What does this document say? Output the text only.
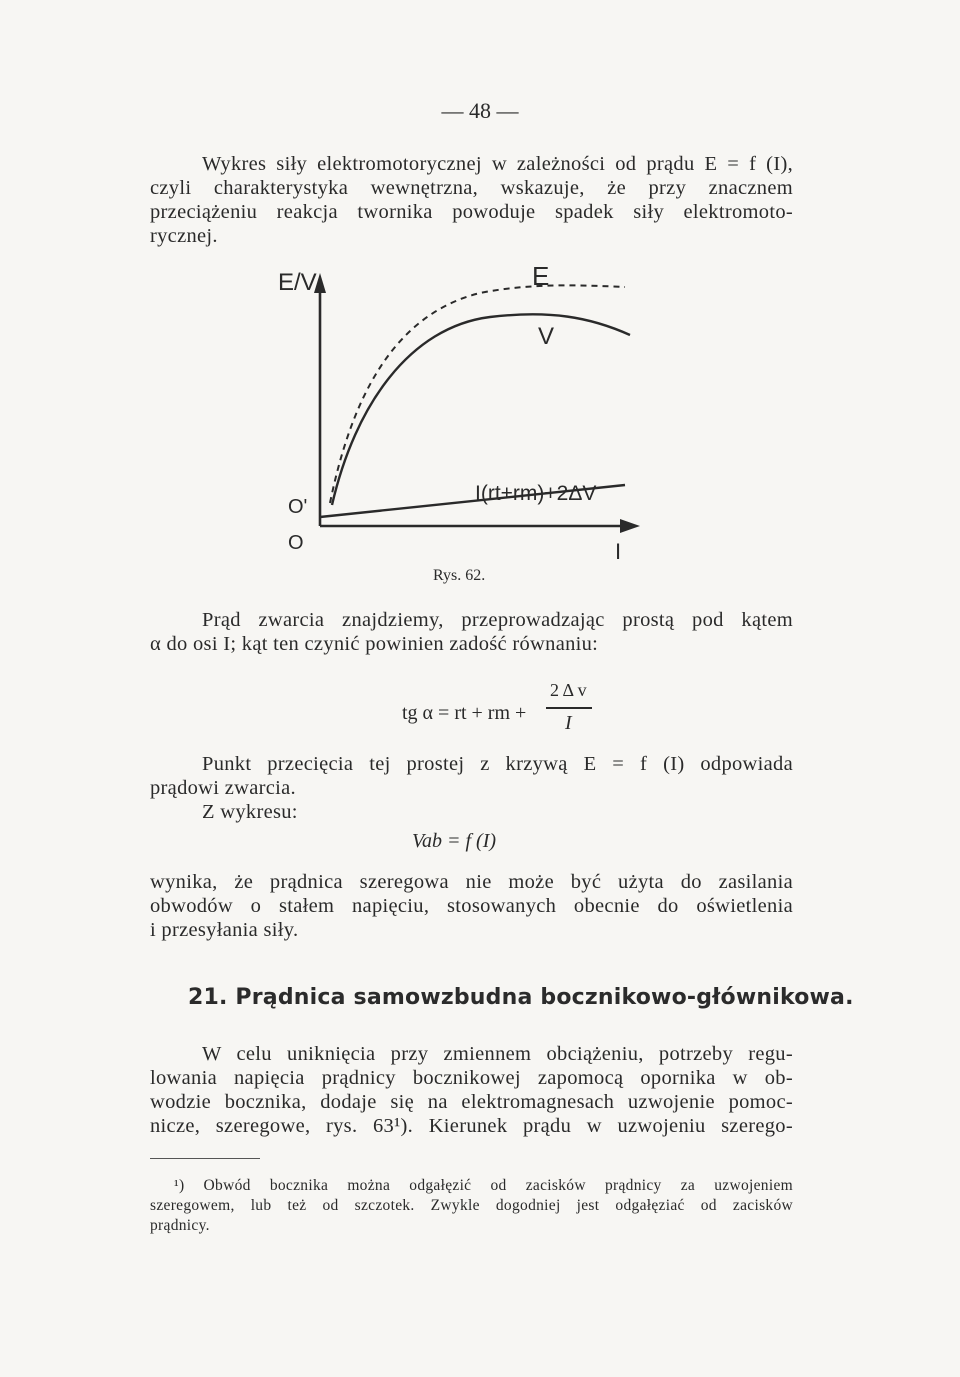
— 48 —
Wykres siły elektromotorycznej w zależności od prądu E = f (I),
czyli charakterystyka wewnętrzna, wskazuje, że przy znacznem
przeciążeniu reakcja twornika powoduje spadek siły elektromoto-
rycznej.
E/V	E
V
I(rt+rm)+2ΔV
O'
O	I
Rys. 62.
Prąd zwarcia znajdziemy, przeprowadzając prostą pod kątem
α do osi I; kąt ten czynić powinien zadość równaniu:
tg α = rt + rm +
2 Δ v
I
Punkt przecięcia tej prostej z krzywą E = f (I) odpowiada
prądowi zwarcia.
Z wykresu:
Vab = f (I)
wynika, że prądnica szeregowa nie może być użyta do zasilania
obwodów o stałem napięciu, stosowanych obecnie do oświetlenia
i przesyłania siły.
21. Prądnica samowzbudna bocznikowo-głównikowa.
W celu uniknięcia przy zmiennem obciążeniu, potrzeby regu-
lowania napięcia prądnicy bocznikowej zapomocą opornika w ob-
wodzie bocznika, dodaje się na elektromagnesach uzwojenie pomoc-
nicze, szeregowe, rys. 63¹). Kierunek prądu w uzwojeniu szerego-
¹) Obwód bocznika można odgałęzić od zacisków prądnicy za uzwojeniem
szeregowem, lub też od szczotek. Zwykle dogodniej jest odgałęziać od zacisków
prądnicy.
